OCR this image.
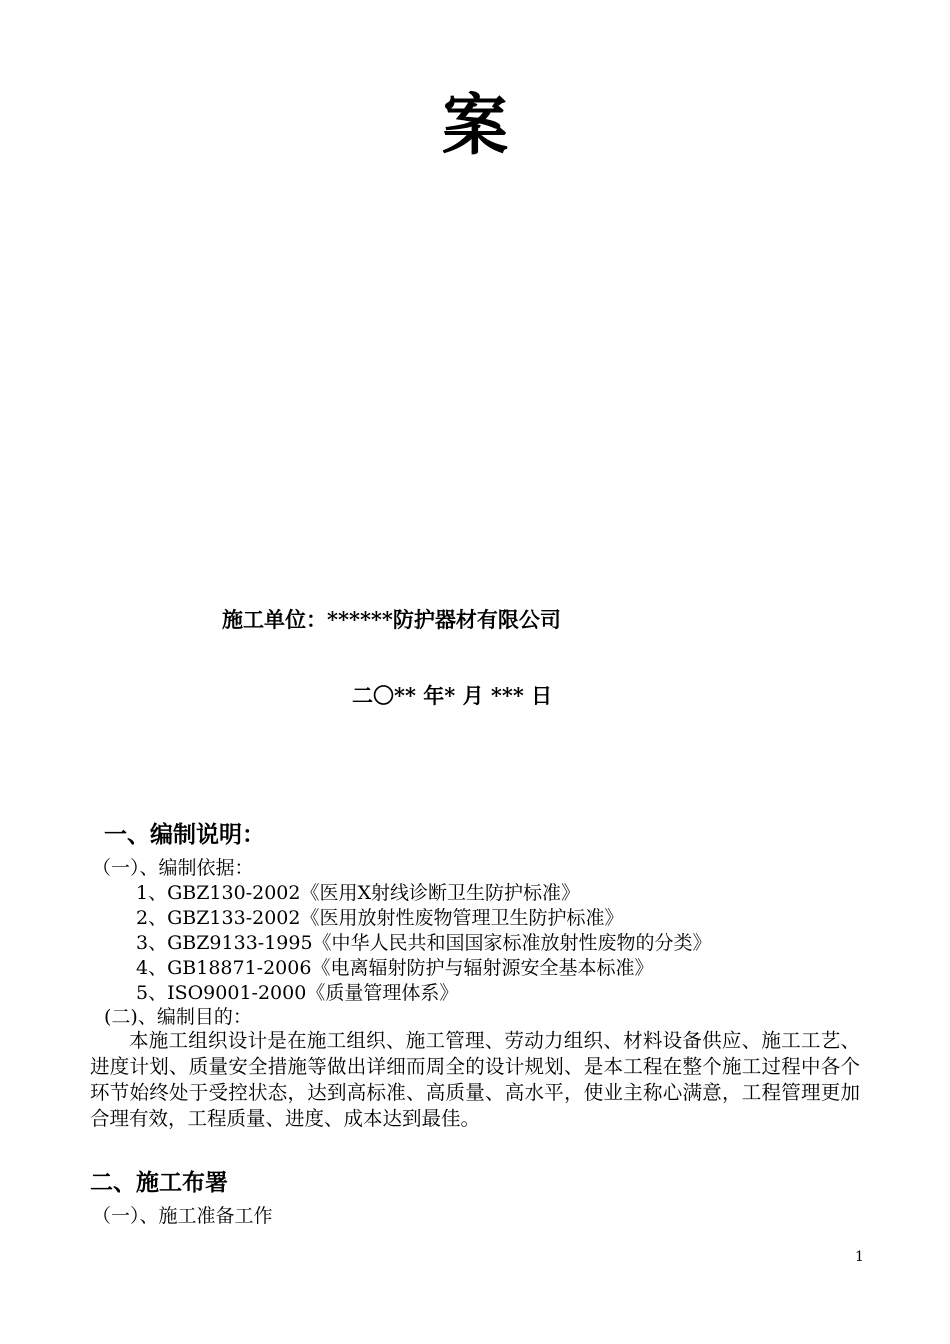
案
施工单位：******防护器材有限公司
二〇** 年* 月 *** 日
一、编制说明：
（一）、编制依据：
1、GBZ130-2002《医用X射线诊断卫生防护标准》
2、GBZ133-2002《医用放射性废物管理卫生防护标准》
3、GBZ9133-1995《中华人民共和国国家标准放射性废物的分类》
4、GB18871-2006《电离辐射防护与辐射源安全基本标准》
5、ISO9001-2000《质量管理体系》
(二)、编制目的：

本施工组织设计是在施工组织、施工管理、劳动力组织、材料设备供应、施工工艺、进度计划、质量安全措施等做出详细而周全的设计规划、是本工程在整个施工过程中各个环节始终处于受控状态，达到高标准、高质量、高水平，使业主称心满意，工程管理更加合理有效，工程质量、进度、成本达到最佳。

二、施工布署
（一）、施工准备工作
1
